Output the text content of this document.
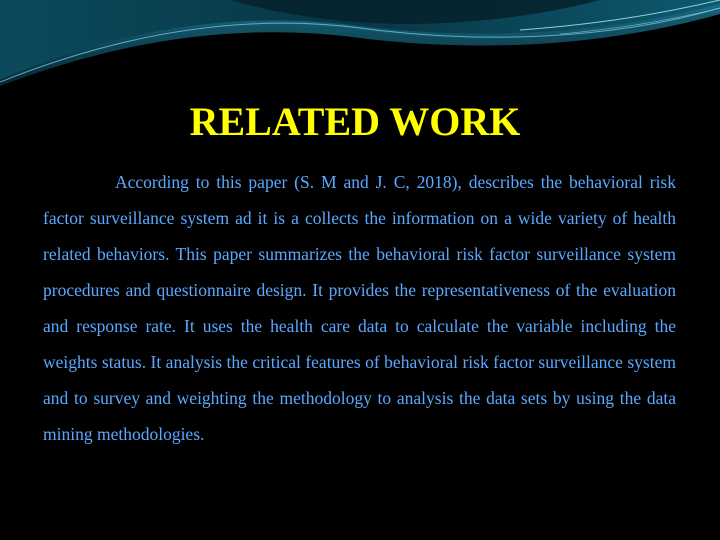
RELATED WORK

According to this paper (S. M and J. C, 2018), describes the behavioral risk factor surveillance system ad it is a collects the information on a wide variety of health related behaviors. This paper summarizes the behavioral risk factor surveillance system procedures and questionnaire design. It provides the representativeness of the evaluation and response rate. It uses the health care data to calculate the variable including the weights status. It analysis the critical features of behavioral risk factor surveillance system and to survey and weighting the methodology to analysis the data sets by using the data mining methodologies.
